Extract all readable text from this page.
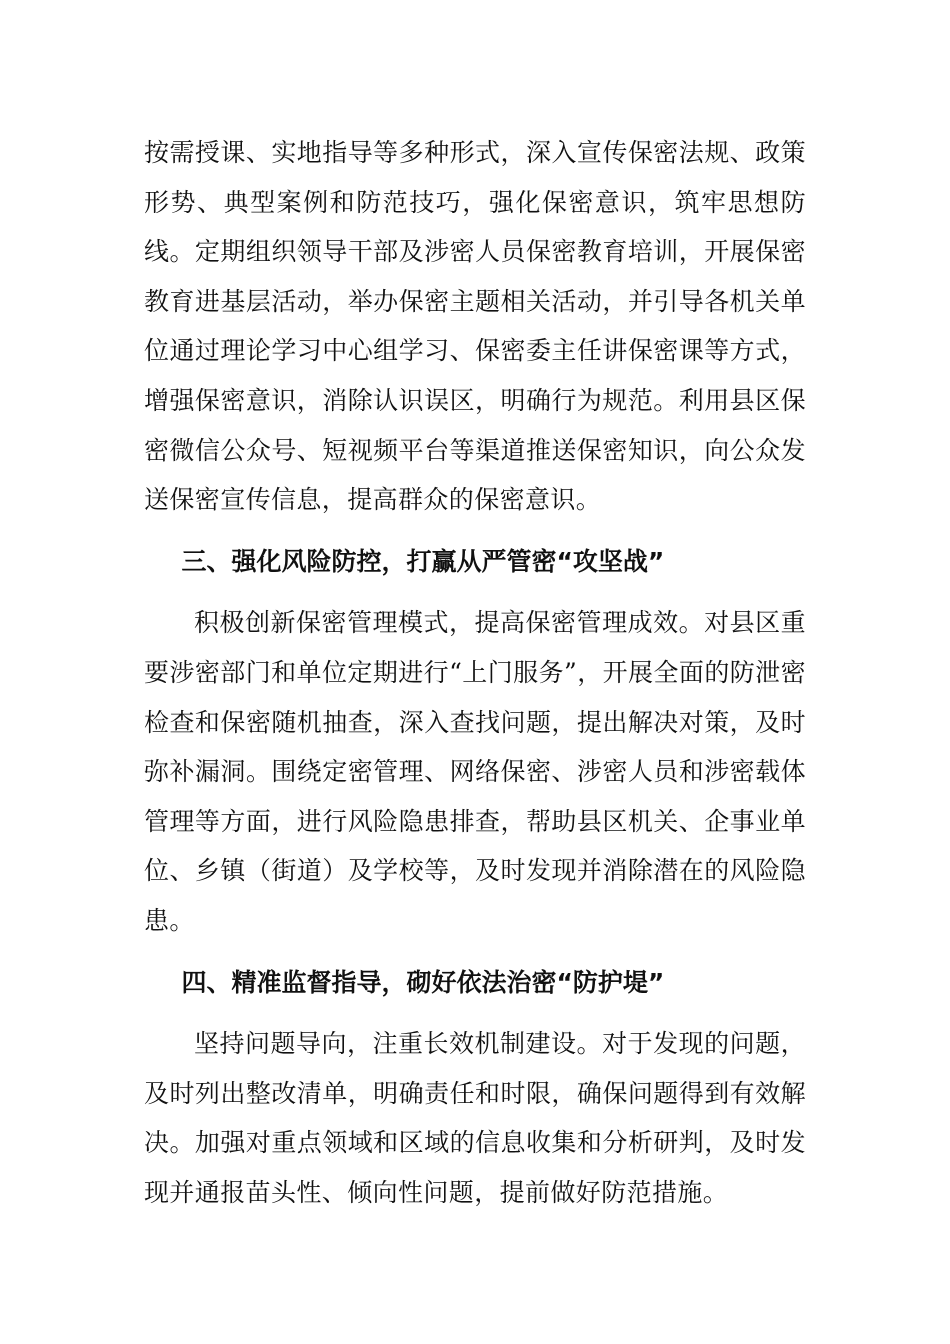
按需授课、实地指导等多种形式，深入宣传保密法规、政策形势、典型案例和防范技巧，强化保密意识，筑牢思想防线。定期组织领导干部及涉密人员保密教育培训，开展保密教育进基层活动，举办保密主题相关活动，并引导各机关单位通过理论学习中心组学习、保密委主任讲保密课等方式，增强保密意识，消除认识误区，明确行为规范。利用县区保密微信公众号、短视频平台等渠道推送保密知识，向公众发送保密宣传信息，提高群众的保密意识。

三、强化风险防控，打赢从严管密“攻坚战”

积极创新保密管理模式，提高保密管理成效。对县区重要涉密部门和单位定期进行“上门服务”，开展全面的防泄密检查和保密随机抽查，深入查找问题，提出解决对策，及时弥补漏洞。围绕定密管理、网络保密、涉密人员和涉密载体管理等方面，进行风险隐患排查，帮助县区机关、企事业单位、乡镇（街道）及学校等，及时发现并消除潜在的风险隐患。

四、精准监督指导，砌好依法治密“防护堤”

坚持问题导向，注重长效机制建设。对于发现的问题，及时列出整改清单，明确责任和时限，确保问题得到有效解决。加强对重点领域和区域的信息收集和分析研判，及时发现并通报苗头性、倾向性问题，提前做好防范措施。
